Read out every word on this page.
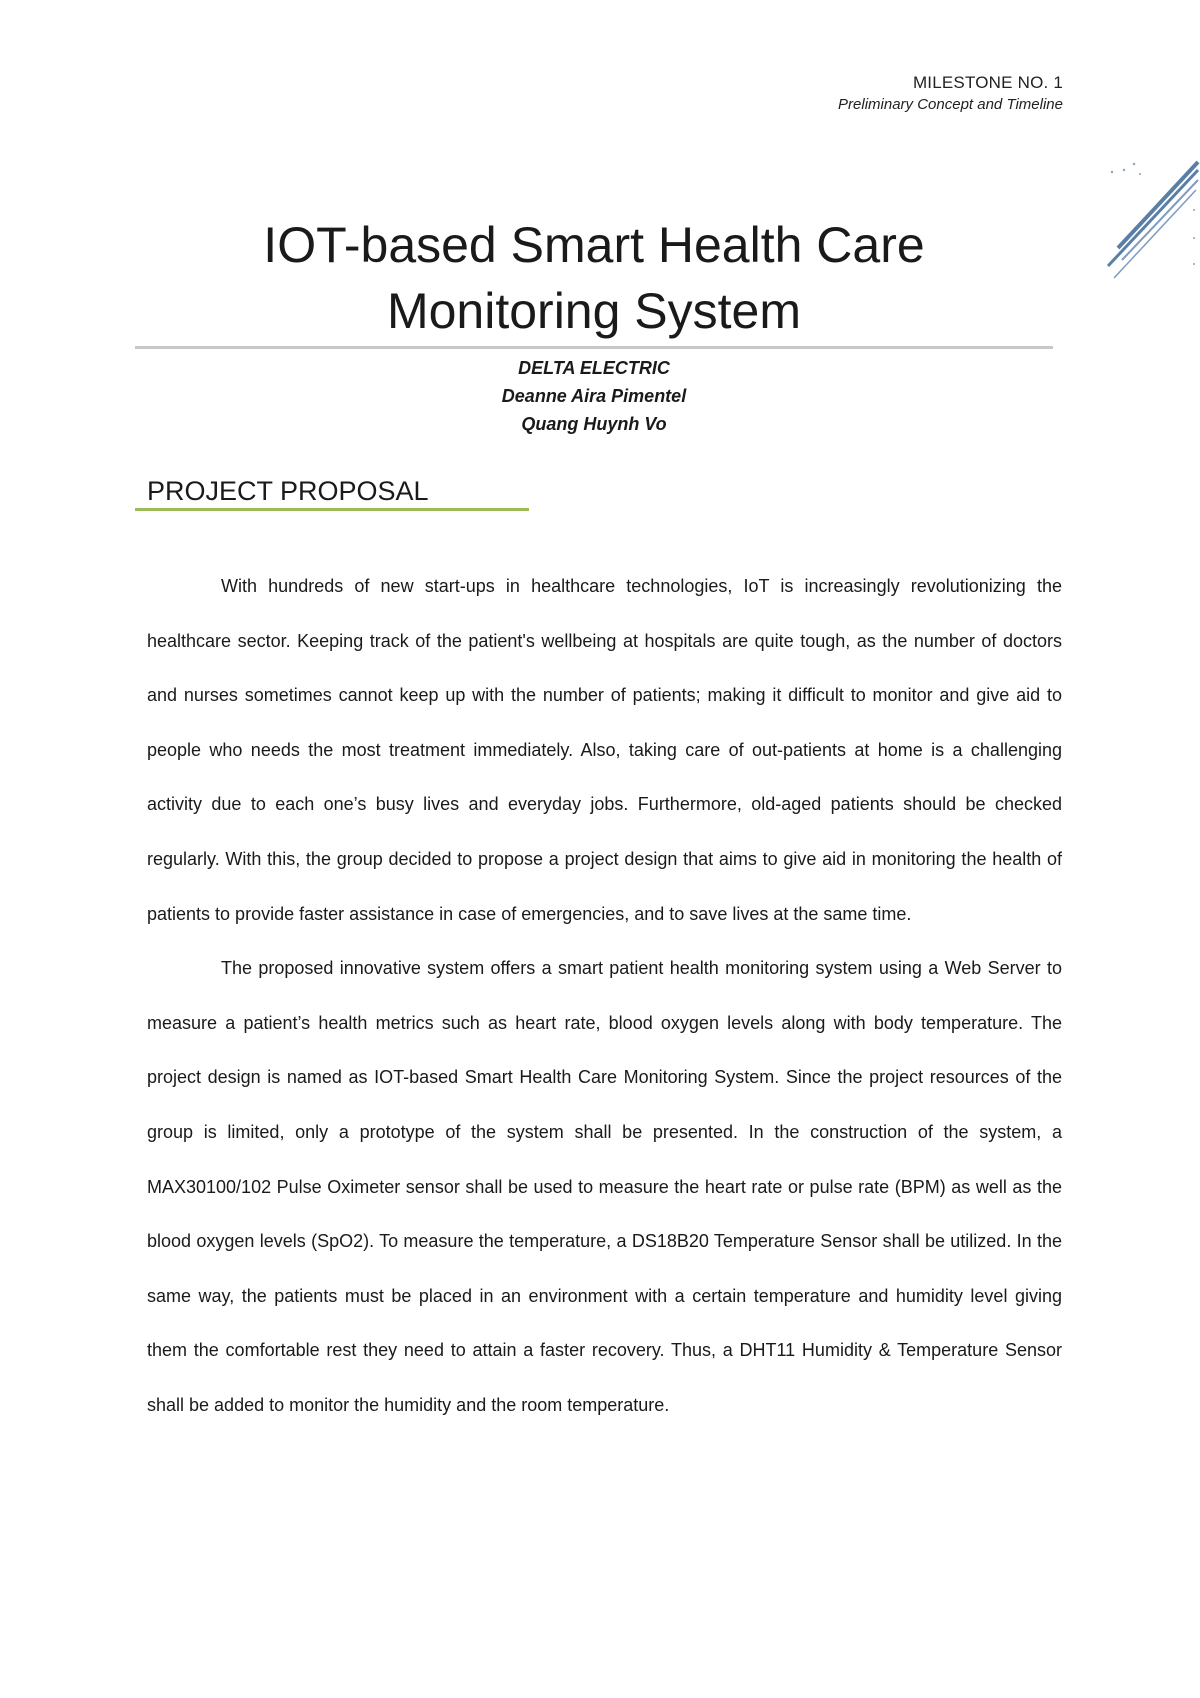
MILESTONE NO. 1
Preliminary Concept and Timeline
IOT-based Smart Health Care
Monitoring System
DELTA ELECTRIC
Deanne Aira Pimentel
Quang Huynh Vo
PROJECT PROPOSAL

With hundreds of new start-ups in healthcare technologies, IoT is increasingly revolutionizing the healthcare sector. Keeping track of the patient's wellbeing at hospitals are quite tough, as the number of doctors and nurses sometimes cannot keep up with the number of patients; making it difficult to monitor and give aid to people who needs the most treatment immediately. Also, taking care of out-patients at home is a challenging activity due to each one’s busy lives and everyday jobs. Furthermore, old-aged patients should be checked regularly. With this, the group decided to propose a project design that aims to give aid in monitoring the health of patients to provide faster assistance in case of emergencies, and to save lives at the same time.

The proposed innovative system offers a smart patient health monitoring system using a Web Server to measure a patient’s health metrics such as heart rate, blood oxygen levels along with body temperature. The project design is named as IOT-based Smart Health Care Monitoring System. Since the project resources of the group is limited, only a prototype of the system shall be presented. In the construction of the system, a MAX30100/102 Pulse Oximeter sensor shall be used to measure the heart rate or pulse rate (BPM) as well as the blood oxygen levels (SpO2). To measure the temperature, a DS18B20 Temperature Sensor shall be utilized. In the same way, the patients must be placed in an environment with a certain temperature and humidity level giving them the comfortable rest they need to attain a faster recovery. Thus, a DHT11 Humidity & Temperature Sensor shall be added to monitor the humidity and the room temperature.
